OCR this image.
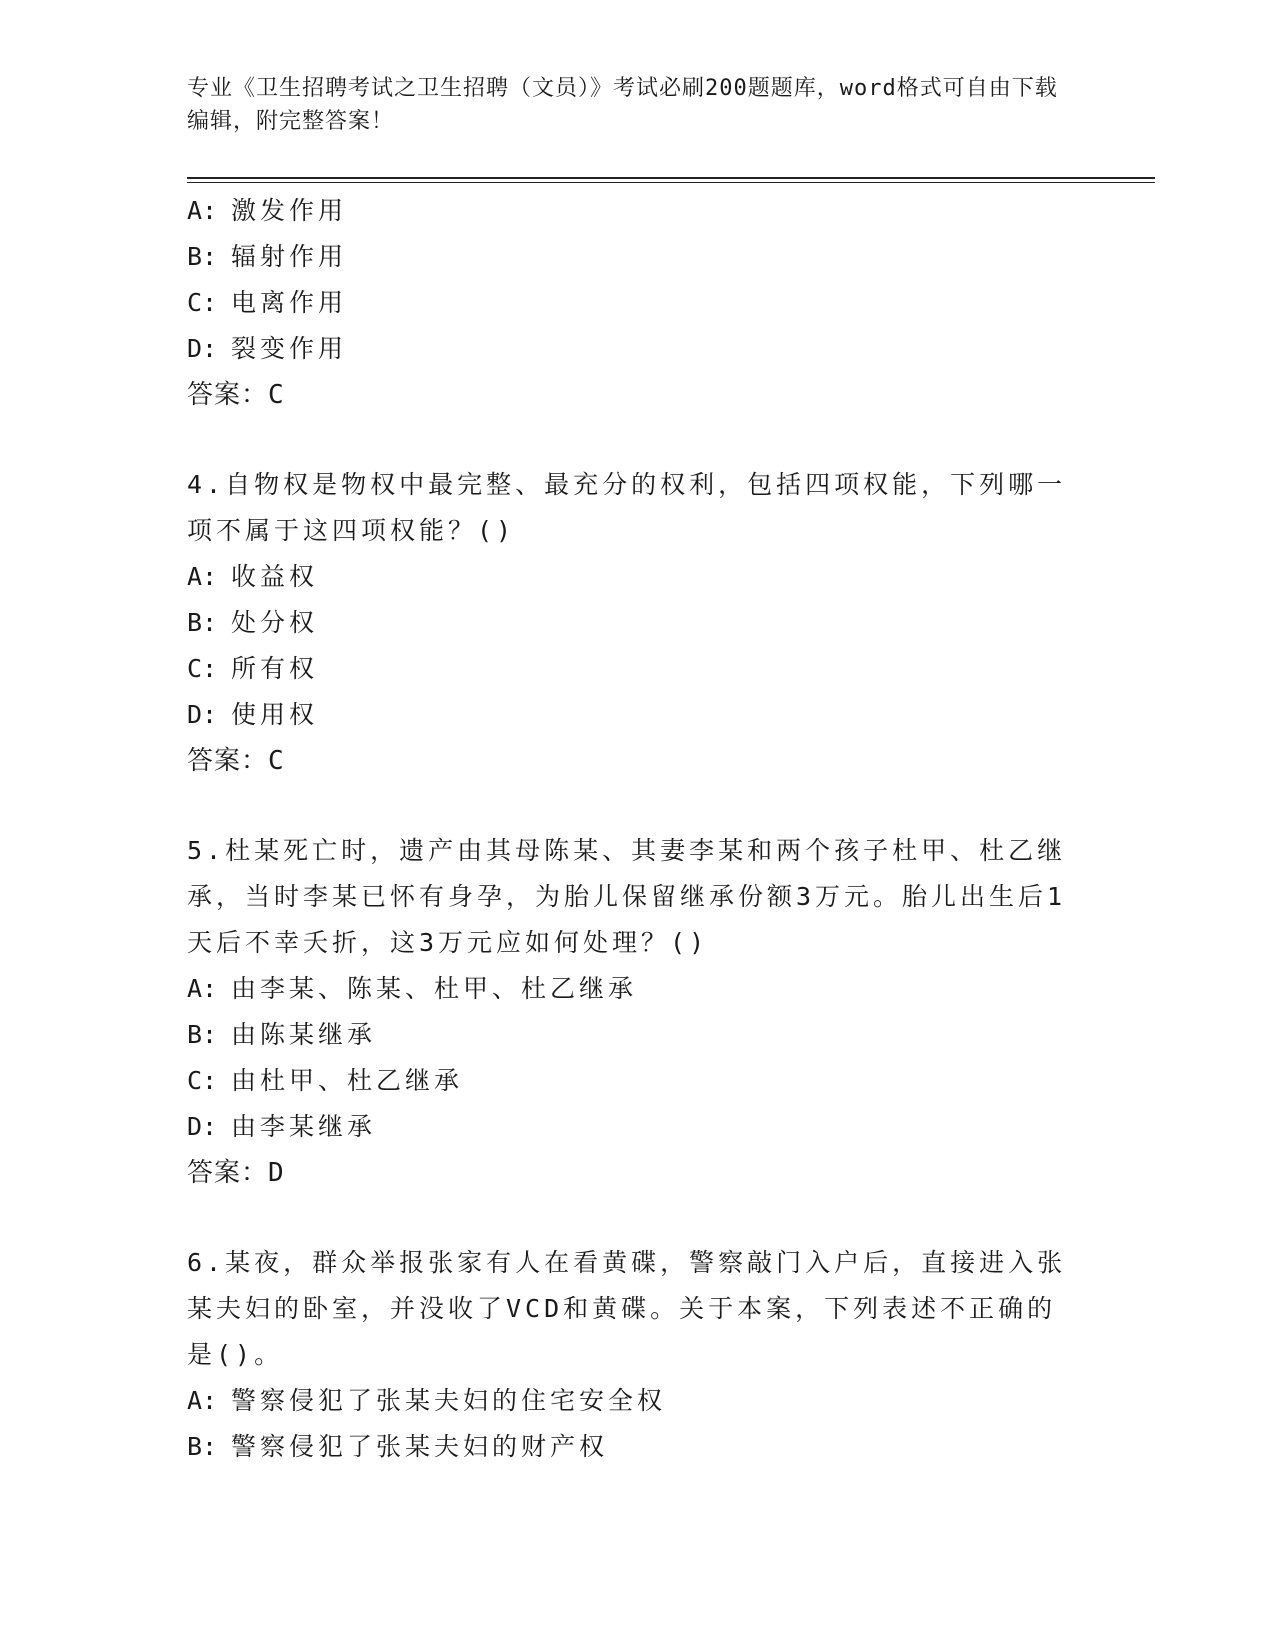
专业《卫生招聘考试之卫生招聘（文员）》考试必刷200题题库，word格式可自由下载编辑，附完整答案！
A: 激发作用
B: 辐射作用
C: 电离作用
D: 裂变作用
答案：C
4.自物权是物权中最完整、最充分的权利，包括四项权能，下列哪一项不属于这四项权能？()
A: 收益权
B: 处分权
C: 所有权
D: 使用权
答案：C
5.杜某死亡时，遗产由其母陈某、其妻李某和两个孩子杜甲、杜乙继承，当时李某已怀有身孕，为胎儿保留继承份额3万元。胎儿出生后1天后不幸夭折，这3万元应如何处理？()
A: 由李某、陈某、杜甲、杜乙继承
B: 由陈某继承
C: 由杜甲、杜乙继承
D: 由李某继承
答案：D
6.某夜，群众举报张家有人在看黄碟，警察敲门入户后，直接进入张某夫妇的卧室，并没收了VCD和黄碟。关于本案，下列表述不正确的是()。
A: 警察侵犯了张某夫妇的住宅安全权
B: 警察侵犯了张某夫妇的财产权
